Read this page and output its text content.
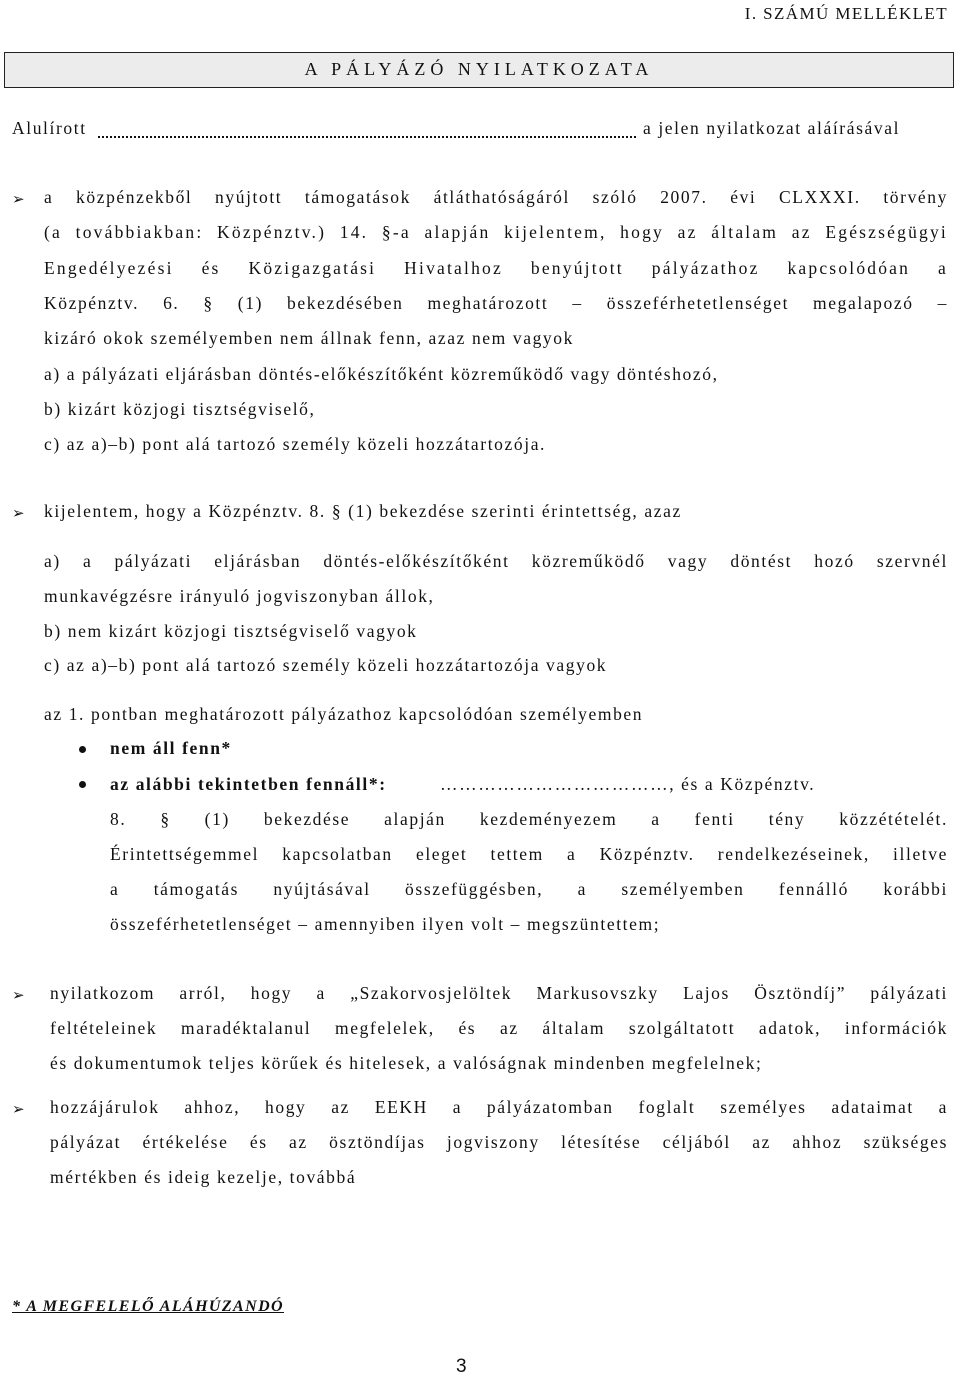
I. SZÁMÚ MELLÉKLET
A PÁLYÁZÓ NYILATKOZATA
Alulírott	a jelen nyilatkozat aláírásával
➢ a közpénzekből nyújtott támogatások átláthatóságáról szóló 2007. évi CLXXXI. törvény
(a továbbiakban: Közpénztv.) 14. §-a alapján kijelentem, hogy az általam az Egészségügyi
Engedélyezési és Közigazgatási Hivatalhoz benyújtott pályázathoz kapcsolódóan a
Közpénztv. 6. § (1) bekezdésében meghatározott – összeférhetetlenséget megalapozó –
kizáró okok személyemben nem állnak fenn, azaz nem vagyok
a) a pályázati eljárásban döntés-előkészítőként közreműködő vagy döntéshozó,
b) kizárt közjogi tisztségviselő,
c) az a)–b) pont alá tartozó személy közeli hozzátartozója.
➢ kijelentem, hogy a Közpénztv. 8. § (1) bekezdése szerinti érintettség, azaz
a) a pályázati eljárásban döntés-előkészítőként közreműködő vagy döntést hozó szervnél
munkavégzésre irányuló jogviszonyban állok,
b) nem kizárt közjogi tisztségviselő vagyok
c) az a)–b) pont alá tartozó személy közeli hozzátartozója vagyok
az 1. pontban meghatározott pályázathoz kapcsolódóan személyemben
nem áll fenn*
az alábbi tekintetben fennáll*:	………………………………, és a Közpénztv.
8. § (1) bekezdése alapján kezdeményezem a fenti tény közzétételét.
Érintettségemmel kapcsolatban eleget tettem a Közpénztv. rendelkezéseinek, illetve
a támogatás nyújtásával összefüggésben, a személyemben fennálló korábbi
összeférhetetlenséget – amennyiben ilyen volt – megszüntettem;
➢ nyilatkozom arról, hogy a „Szakorvosjelöltek Markusovszky Lajos Ösztöndíj” pályázati
feltételeinek maradéktalanul megfelelek, és az általam szolgáltatott adatok, információk
és dokumentumok teljes körűek és hitelesek, a valóságnak mindenben megfelelnek;
➢ hozzájárulok ahhoz, hogy az EEKH a pályázatomban foglalt személyes adataimat a
pályázat értékelése és az ösztöndíjas jogviszony létesítése céljából az ahhoz szükséges
mértékben és ideig kezelje, továbbá
* A MEGFELELŐ ALÁHÚZANDÓ
3
